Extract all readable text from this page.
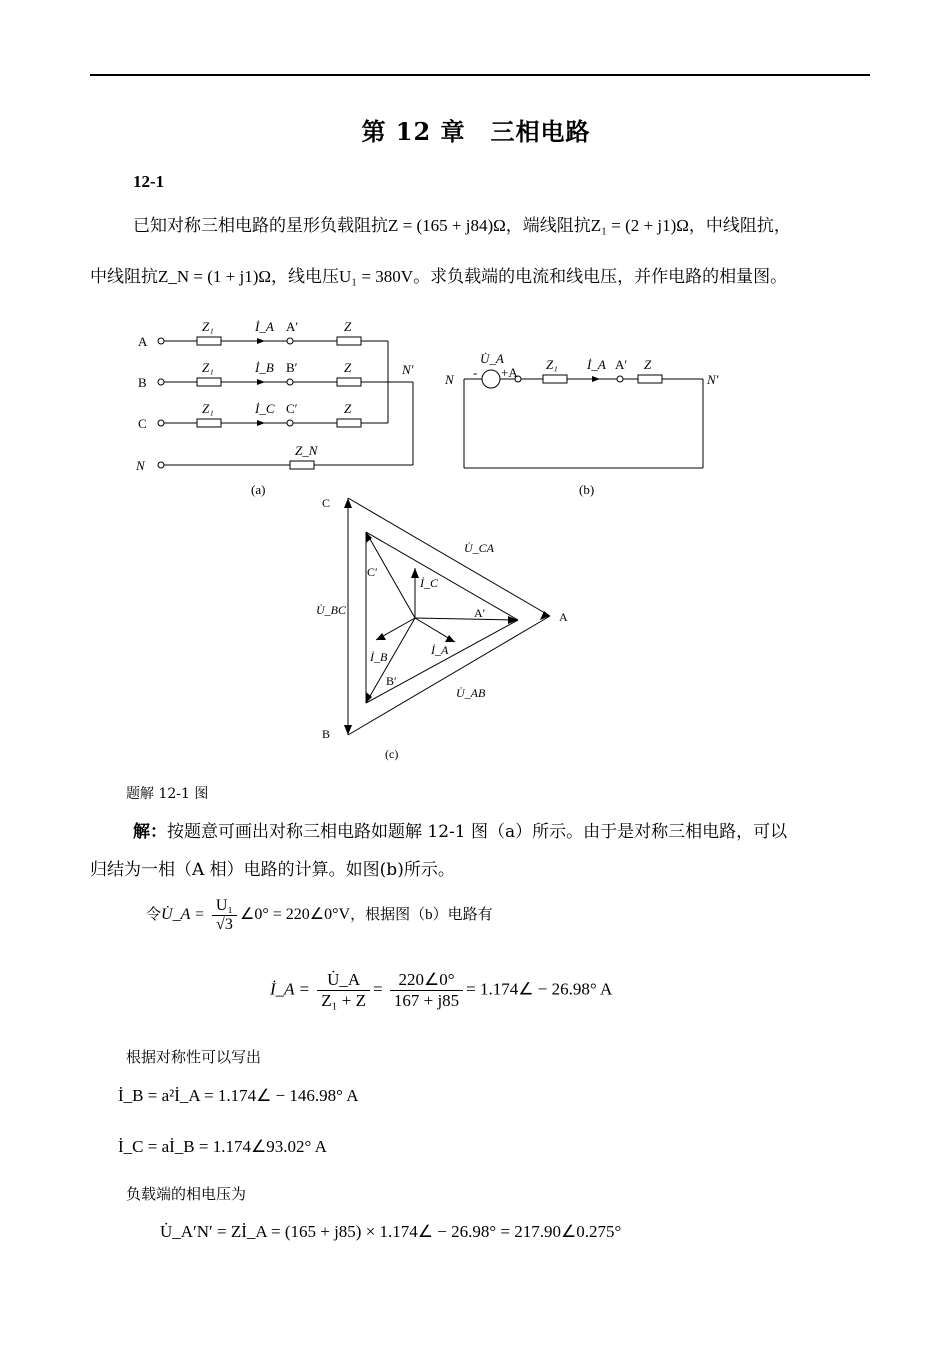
第 12 章　三相电路
12-1
已知对称三相电路的星形负载阻抗Z = (165 + j84)Ω，端线阻抗Z₁ = (2 + j1)Ω，中线阻抗，
中线阻抗Z_N = (1 + j1)Ω，线电压U₁ = 380V。求负载端的电流和线电压，并作电路的相量图。
A
B
C
N
Z₁
Z₁
Z₁
İ_A
İ_B
İ_C
A′
B′
C′
Z
Z
Z
N′
Z_N
(a)
N
U̇_A
- +A
Z₁ İ_A A′ Z
N′
(b)
C
B
A
A′
B′
C′
U̇_CA
U̇_BC
U̇_AB
İ_C
İ_B	İ_A
(c)
题解 12-1 图
解：按题意可画出对称三相电路如题解 12-1 图（a）所示。由于是对称三相电路，可以
归结为一相（A 相）电路的计算。如图(b)所示。
令U̇_A = $\frac{\text{U₁}}{√3}$ ∠0° = 220∠0°V，根据图（b）电路有
İ_A = $\frac{U̇\_A}{\text{Z₁ + Z}} = \frac{220\angle 0^\circ}{167 + j85}$ = 1.174∠ − 26.98° A
根据对称性可以写出
İ_B = a²İ_A = 1.174∠ − 146.98° A
İ_C = aİ_B = 1.174∠93.02° A
负载端的相电压为
U̇_A′N′ = Zİ_A = (165 + j85) × 1.174∠ − 26.98° = 217.90∠0.275°
